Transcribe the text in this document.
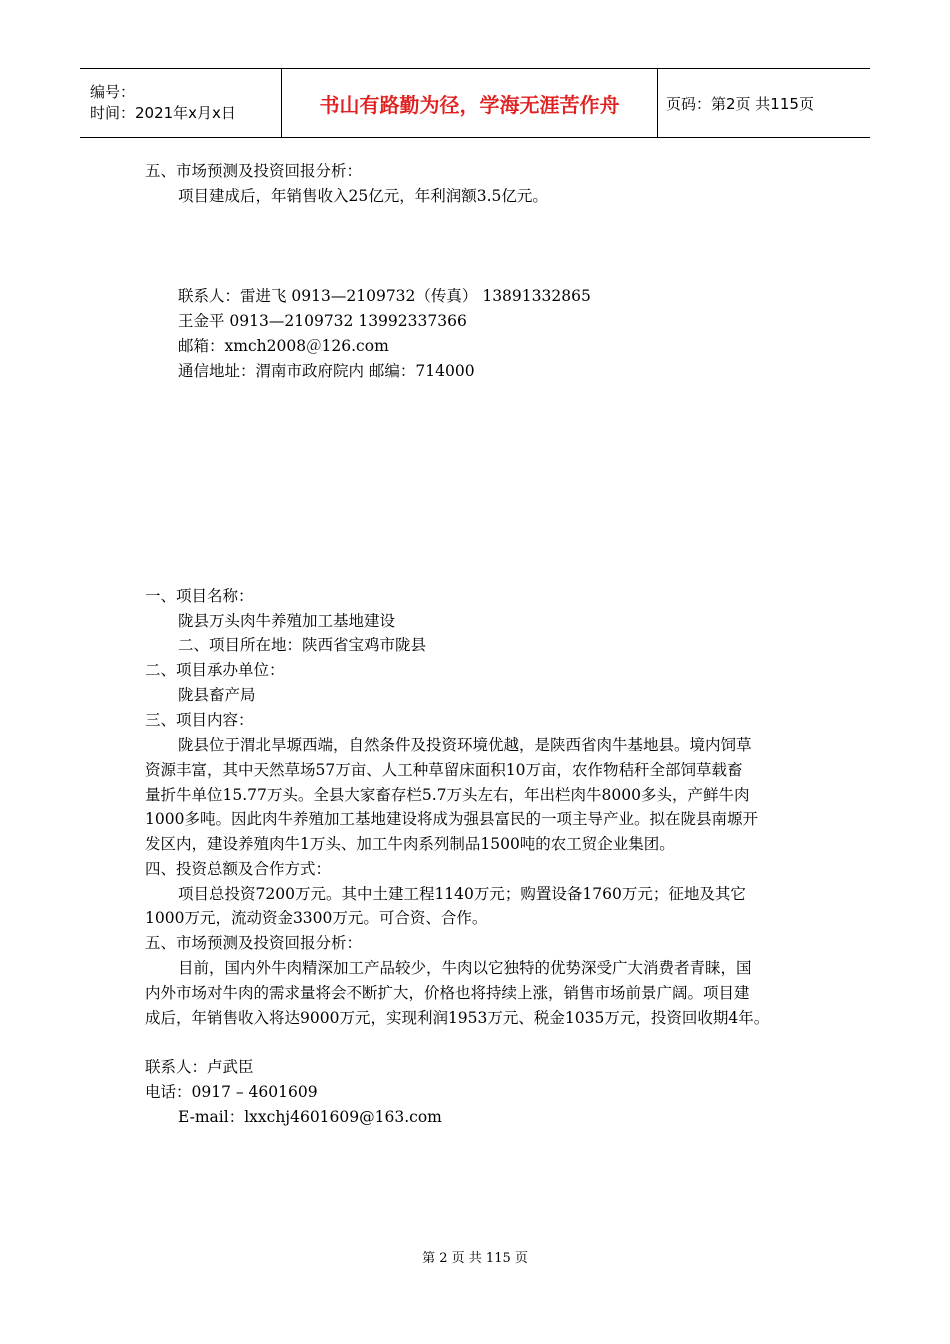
编号：
时间：2021年x月x日	书山有路勤为径，学海无涯苦作舟	页码：第2页 共115页
五、市场预测及投资回报分析：
项目建成后，年销售收入25亿元，年利润额3.5亿元。
联系人：雷进飞 0913—2109732（传真） 13891332865
王金平 0913—2109732 13992337366
邮箱：xmch2008＠126.com
通信地址：渭南市政府院内 邮编：714000
一、项目名称：
陇县万头肉牛养殖加工基地建设
二、项目所在地：陕西省宝鸡市陇县
二、项目承办单位：
陇县畜产局
三、项目内容：
陇县位于渭北旱塬西端，自然条件及投资环境优越，是陕西省肉牛基地县。境内饲草
资源丰富，其中天然草场57万亩、人工种草留床面积10万亩，农作物秸秆全部饲草载畜
量折牛单位15.77万头。全县大家畜存栏5.7万头左右，年出栏肉牛8000多头，产鲜牛肉
1000多吨。因此肉牛养殖加工基地建设将成为强县富民的一项主导产业。拟在陇县南塬开
发区内，建设养殖肉牛1万头、加工牛肉系列制品1500吨的农工贸企业集团。
四、投资总额及合作方式：
项目总投资7200万元。其中土建工程1140万元；购置设备1760万元；征地及其它
1000万元，流动资金3300万元。可合资、合作。
五、市场预测及投资回报分析：
目前，国内外牛肉精深加工产品较少，牛肉以它独特的优势深受广大消费者青睐，国
内外市场对牛肉的需求量将会不断扩大，价格也将持续上涨，销售市场前景广阔。项目建
成后，年销售收入将达9000万元，实现利润1953万元、税金1035万元，投资回收期4年。
联系人：卢武臣
电话：0917 – 4601609
E-mail：lxxchj4601609@163.com
第 2 页 共 115 页
